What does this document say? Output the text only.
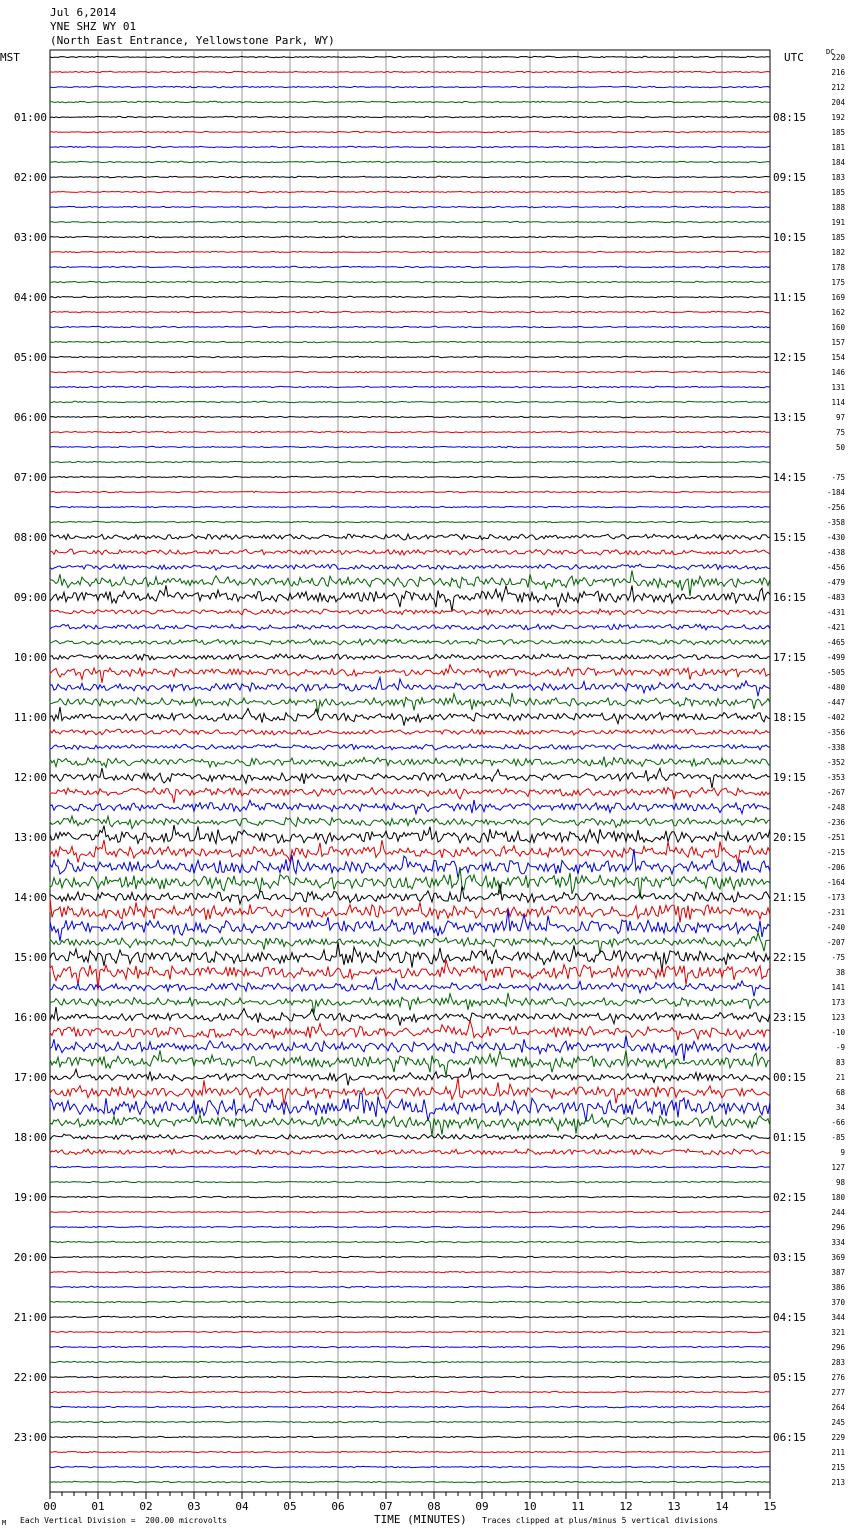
Jul 6,2014
YNE SHZ WY 01
(North East Entrance, Yellowstone Park, WY)
MST	UTC	DC
220
216
212
204
192
185
181
184
183
185
188
191
185
182
178
175
169
162
160
157
154
146
131
114
97
75
50
-75
-184
-256
-358
-430
-438
-456
-479
-483
-431
-421
-465
-499
-505
-480
-447
-402
-356
-338
-352
-353
-267
-248
-236
-251
-215
-206
-164
-173
-231
-240
-207
-75
38
141
173
123
-10
-9
83
21
68
34
-66
-85
9
127
98
180
244
296
334
369
387
386
370
344
321
296
283
276
277
264
245
229
211
215
213
01:00
02:00
03:00
04:00
05:00
06:00
07:00
08:00
09:00
10:00
11:00
12:00
13:00
14:00
15:00
16:00
17:00
18:00
19:00
20:00
21:00
22:00
23:00
08:15
09:15
10:15
11:15
12:15
13:15
14:15
15:15
16:15
17:15
18:15
19:15
20:15
21:15
22:15
23:15
00:15
01:15
02:15
03:15
04:15
05:15
06:15
00	01	02	03	04	05	06	07	08	09	10	11	12	13	14	15
M Each Vertical Division =  200.00 microvolts	TIME (MINUTES) Traces clipped at plus/minus 5 vertical divisions
